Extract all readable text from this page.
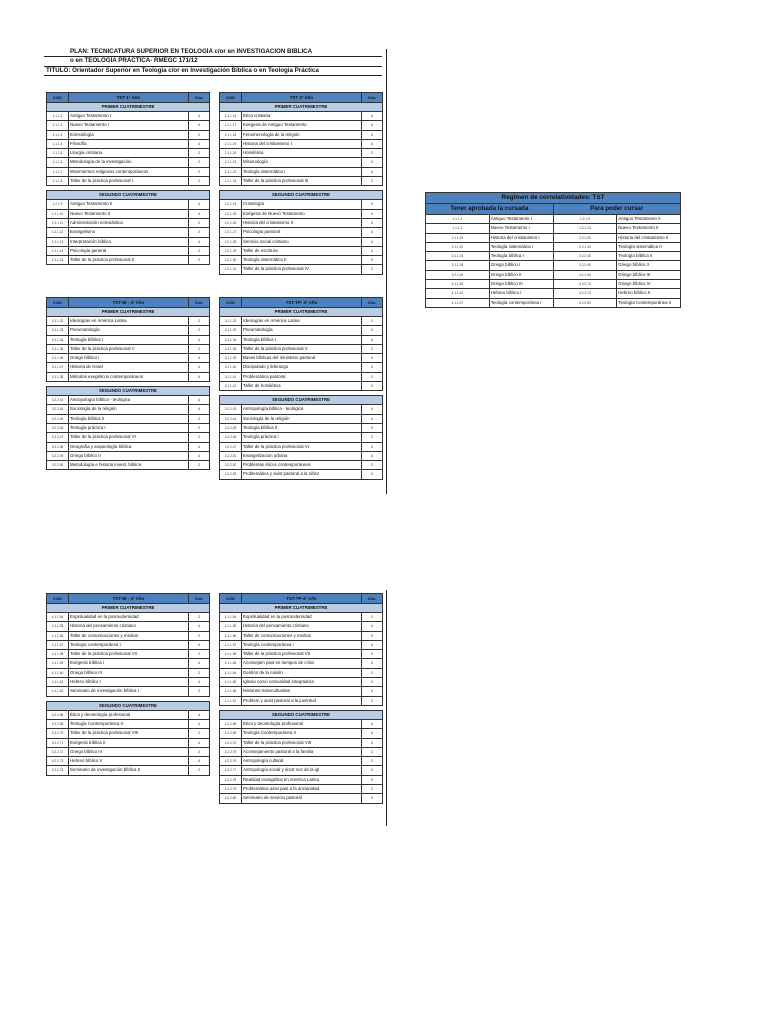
PLAN: TECNICATURA SUPERIOR EN TEOLOGÍA c/or en INVESTIGACIÓN BÍBLICA
o en TEOLOGÍA PRÁCTICA- RMEGC 171/12
TITULO: Orientador Superior en Teología c/or en Investigación Bíblica o en Teología Práctica
COD	TST 1° Año	Chs.
PRIMER CUATRIMESTRE		
1.1.1.1	Antiguo Testamento I	4
1.1.1.2	Nuevo Testamento I	4
1.1.1.3	Eclesiología	2
1.1.1.4	Filosofía	4
1.1.1.5	Liturgia cristiana	2
1.1.1.6	Metodología de la investigación	2
1.1.1.7	Movimientos religiosos contemporáneos	2
1.1.1.8	Taller de la práctica profesional I	2

SEGUNDO CUATRIMESTRE		
1.2.1.9	Antiguo Testamento II	4
1.2.1.10	Nuevo Testamento II	4
1.2.1.11	Administración eclesiástica	2
1.2.1.12	Evangelismo	2
1.2.1.13	Interpretación bíblica	4
1.2.1.14	Psicología general	2
1.2.1.15	Taller de la práctica profesional II	2
COD	TST 2° Año	Chs.
PRIMER CUATRIMESTRE		
2.1.1.16	Ética cristiana	4
2.1.1.17	Exégesis de Antiguo Testamento	4
2.1.1.18	Fenomenología de la religión	2
2.1.1.19	Historia del cristianismo I	4
2.1.1.20	Homilética	2
2.1.1.21	Misionología	2
2.1.1.22	Teología sistemática I	4
2.1.1.23	Taller de la práctica profesional III	2

SEGUNDO CUATRIMESTRE		
2.2.1.24	Cristología	2
2.2.1.25	Exégesis de Nuevo Testamento	4
2.2.1.26	Historia del cristianismo II	4
2.2.1.27	Psicología pastoral	4
2.2.1.28	Servicio social cristiano	4
2.2.1.29	Taller de escritura	2
2.2.1.30	Teología sistemática II	2
2.2.1.31	Taller de la práctica profesional IV	2
COD	TST-IB - 3° Año	Chs.
PRIMER CUATRIMESTRE		
3.1.1.32	Ideologías en América Latina	2
3.1.1.33	Pneumatología	2
3.1.1.34	Teología bíblica I	4
3.1.1.35	Taller de la práctica profesional V	2
3.1.1.36	Griego bíblico I	4
3.1.1.37	Historia de Israel	4
3.1.1.38	Métodos exegéticos contemporáneos	4

SEGUNDO CUATRIMESTRE		
3.2.2.43	Antropología bíblica - teológica	4
3.2.2.44	Sociología de la religión	4
3.2.2.45	Teología bíblica II	2
3.2.2.46	Teología práctica I	2
3.2.2.47	Taller de la práctica profesional VI	2
3.2.2.48	Geografía y arqueología bíblica	4
3.2.2.49	Griego bíblico II	4
3.2.2.50	Metodología e historia invest. bíblica	2
COD	TST-TP- 3° Año	Chs.
PRIMER CUATRIMESTRE		
3.1.1.32	Ideologías en América Latina	2
3.1.1.33	Pneumatología	2
3.1.1.34	Teología bíblica I	4
3.1.1.35	Taller de la práctica profesional V	2
3.1.1.39	Bases bíblicas del ministerio pastoral	4
3.1.1.40	Discipulado y liderazgo	2
3.1.1.41	Problemática pastoral	2
3.1.1.42	Taller de homilética	2

SEGUNDO CUATRIMESTRE		
3.2.2.43	Antropología bíblica - teológica	4
3.2.2.44	Sociología de la religión	4
3.2.2.45	Teología bíblica II	2
3.2.2.46	Teología práctica I	2
3.2.2.47	Taller de la práctica profesional VI	2
3.2.2.51	Evangelización urbana	4
3.2.2.52	Problemas éticos contemporáneos	2
3.2.2.53	Problemática y asist pastoral a la niñez	2
COD	TST-IB - 4° Año	Chs.
PRIMER CUATRIMESTRE		
4.1.1.54	Espiritualidad en la posmodernidad	2
4.1.1.55	Historia del pensamiento cristiano	4
4.1.1.56	Taller de comunicaciones y medios	2
4.1.1.57	Teología contemporánea I	4
4.1.1.58	Taller de la práctica profesional VII	2
4.1.1.59	Exégesis bíblica I	4
4.1.1.60	Griego bíblico III	2
4.1.1.61	Hebreo bíblico I	4
4.1.1.62	Seminario de investigación bíblica I	2

SEGUNDO CUATRIMESTRE		
4.2.2.68	Ética y deontología profesional	4
4.2.2.69	Teología Contemporánea II	4
4.2.2.70	Taller de la práctica profesional VIII	2
4.2.2.71	Exégesis bíblica II	4
4.2.2.72	Griego bíblico IV	2
4.2.2.73	Hebreo bíblico II	4
4.2.2.74	Seminario de investigación bíblica II	2
COD	TST-TP-4° Año	Chs.
PRIMER CUATRIMESTRE		
4.1.1.54	Espiritualidad en la posmodernidad	2
4.1.1.55	Historia del pensamiento cristiano	4
4.1.1.56	Taller de comunicaciones y medios	2
4.1.1.57	Teología contemporánea I	4
4.1.1.58	Taller de la práctica profesional VII	2
4.1.1.63	Aconsejam past en tiempos de crisis	4
4.1.1.64	Gestión de la misión	2
4.1.1.65	Iglesia como comunidad integradora	2
4.1.1.66	Misiones transculturales	2
4.1.1.67	Problem y asist pastoral a la juventud	2

SEGUNDO CUATRIMESTRE		
4.2.2.68	Ética y deontología profesional	4
4.2.2.69	Teología Contemporánea II	4
4.2.2.70	Taller de la práctica profesional VIII	2
4.2.2.75	Aconsejamiento pastoral a la familia	2
4.2.2.76	Antropología cultural	2
4.2.2.77	Antropología social y doctr soc de la igl	2
4.2.2.78	Realidad evangélica en América Latina	2
4.2.2.79	Problemática asist past a la ancianidad	2
4.2.2.80	Seminario de servicio pastoral	2
Régimen de correlatividades: TST			
Tener aprobada la cursada		Para poder cursar	
1.1.1.1	Antiguo Testamento I	1.2.1.9	Antiguo Testamento II
1.1.1.2	Nuevo Testamento I	1.2.1.10	Nuevo Testamento II
2.1.1.19	Historia del cristianismo I	2.2.1.26	Historia del cristianismo II
2.1.1.22	Teología sistemática I	2.2.1.30	Teología sistemática II
3.1.1.34	Teología bíblica I	3.2.2.45	Teología bíblica II
3.1.1.36	Griego bíblico I	3.2.2.49	Griego bíblico II
3.2.2.49	Griego bíblico II	4.1.1.60	Griego bíblico III
4.1.1.60	Griego bíblico III	4.2.2.72	Griego bíblico IV
4.1.1.61	Hebreo bíblico I	4.2.2.73	Hebreo bíblico II
4.1.1.57	Teología contemporánea I	4.2.2.69	Teología Contemporánea II
